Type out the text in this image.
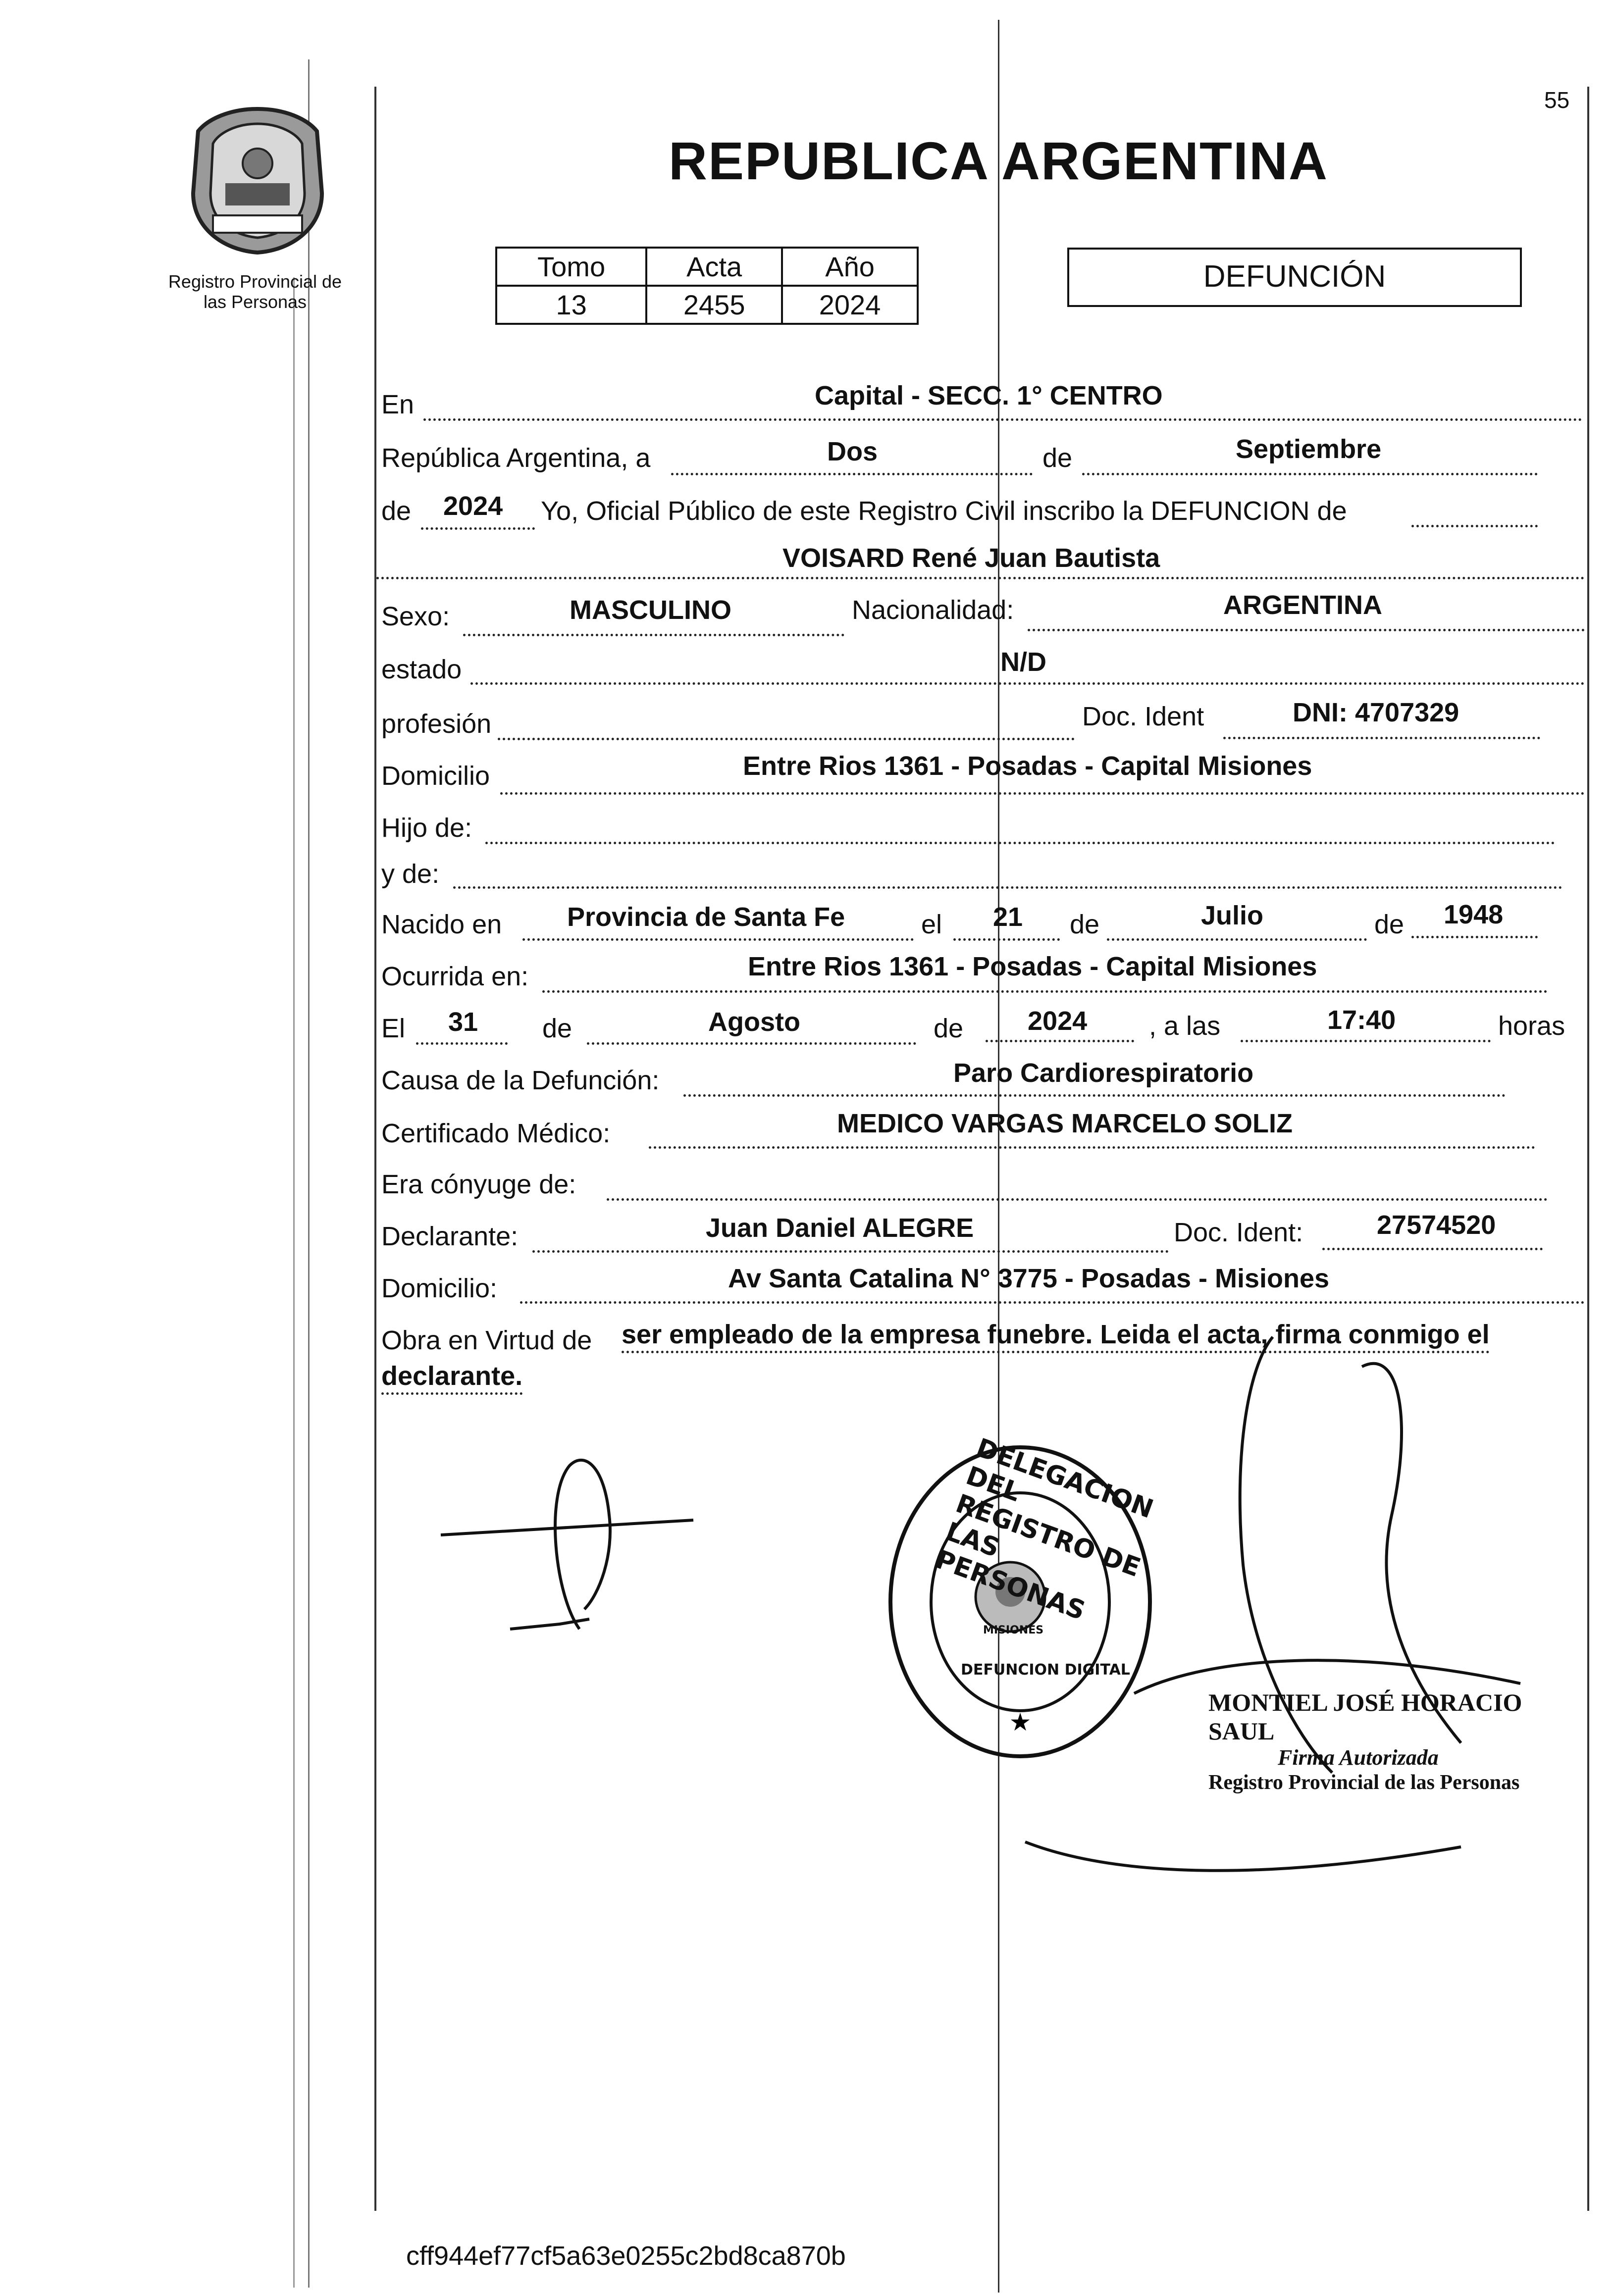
55
Registro Provincial de
las Personas
REPUBLICA ARGENTINA
Tomo	Acta	Año
13	2455	2024
DEFUNCIÓN
En	Capital - SECC. 1° CENTRO
República Argentina, a	Dos	de	Septiembre
de 2024 Yo, Oficial Público de este Registro Civil inscribo la DEFUNCION de
VOISARD René Juan Bautista
Sexo:	MASCULINO	Nacionalidad:	ARGENTINA
estado	N/D
profesión	Doc. Ident	DNI: 4707329
Domicilio	Entre Rios 1361 - Posadas - Capital Misiones
Hijo de:
y de:
Nacido en Provincia de Santa Fe	el 21 de	Julio	de 1948
Ocurrida en:	Entre Rios 1361 - Posadas - Capital Misiones
El 31 de	Agosto	de 2024 , a las	17:40	horas
Causa de la Defunción:	Paro Cardiorespiratorio
Certificado Médico:	MEDICO VARGAS MARCELO SOLIZ
Era cónyuge de:
Declarante:	Juan Daniel ALEGRE	Doc. Ident:	27574520
Domicilio:	Av Santa Catalina N° 3775 - Posadas - Misiones
Obra en Virtud de ser empleado de la empresa funebre. Leida el acta, firma conmigo el
declarante.
★
DELEGACION DEL REGISTRO DE LAS PERSONAS
DEFUNCION DIGITAL
MISIONES
MONTIEL JOSÉ HORACIO SAUL
Firma Autorizada
Registro Provincial de las Personas
cff944ef77cf5a63e0255c2bd8ca870b
